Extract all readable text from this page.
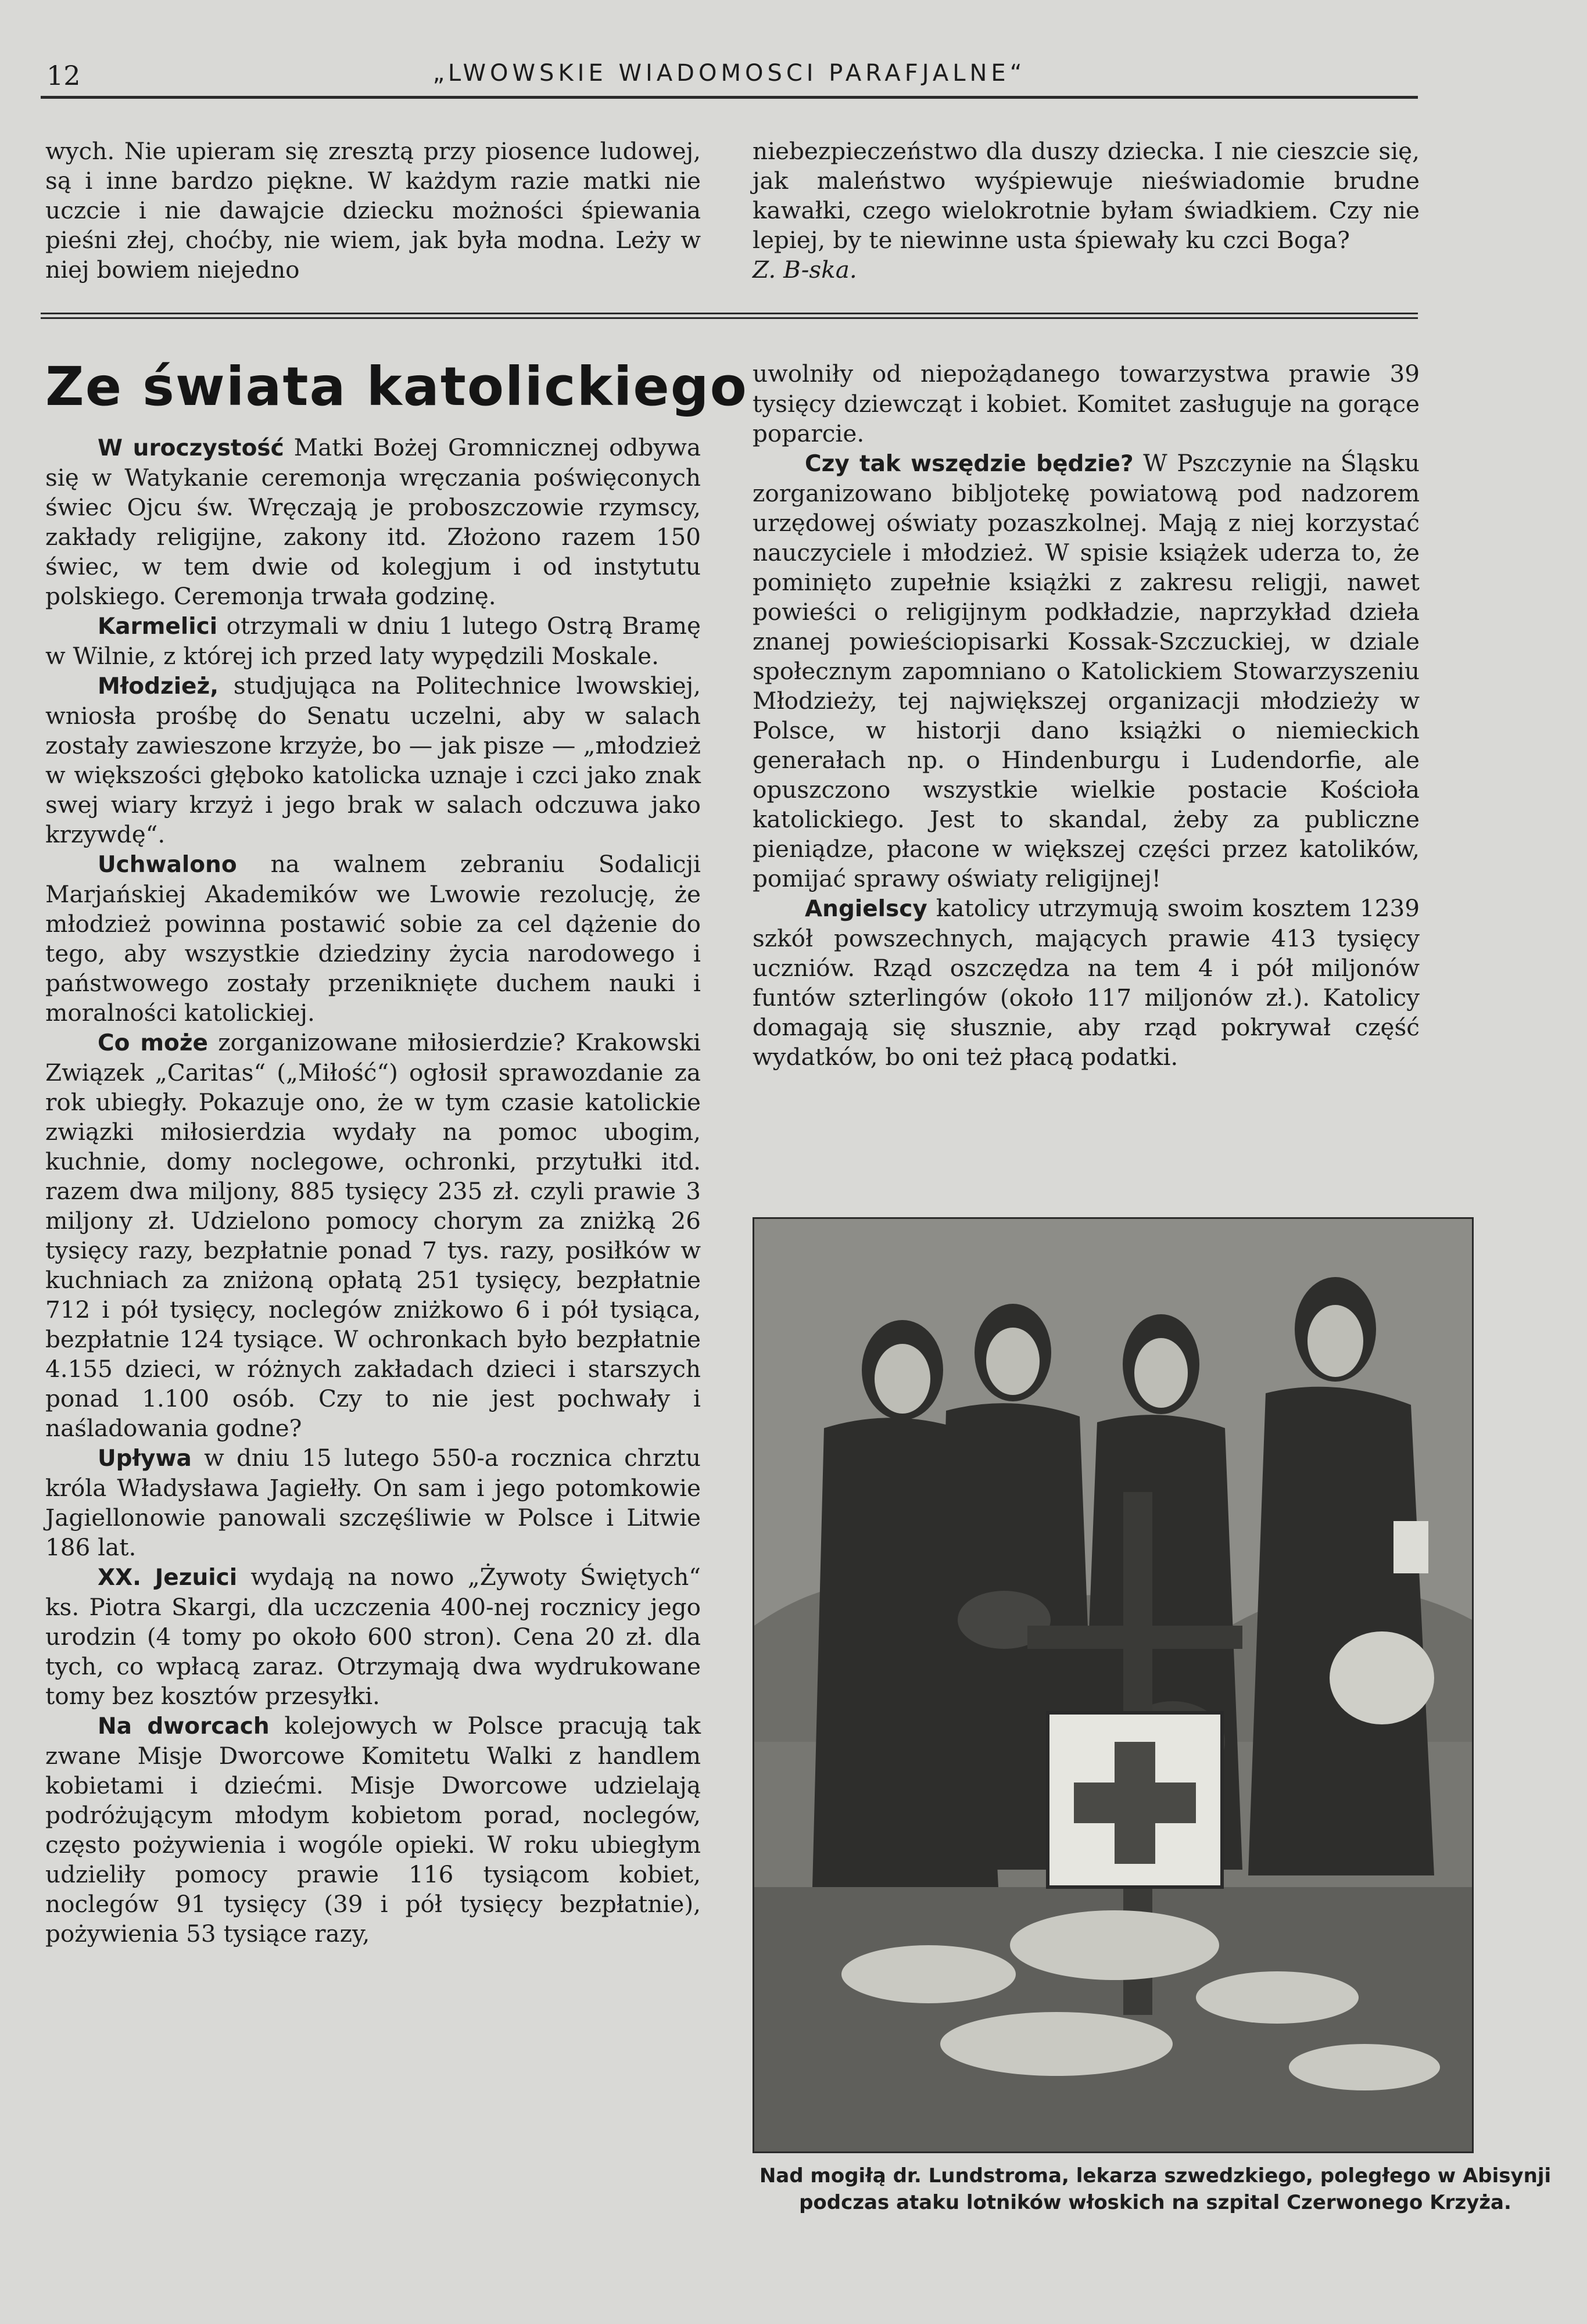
12	„LWOWSKIE WIADOMOSCI PARAFJALNE“

wych. Nie upieram się zresztą przy piosence ludowej, są i inne bardzo piękne. W każdym razie matki nie uczcie i nie dawajcie dziecku możności śpiewania pieśni złej, choćby, nie wiem, jak była modna. Leży w niej bowiem niejedno

niebezpieczeństwo dla duszy dziecka. I nie cieszcie się, jak maleństwo wyśpiewuje nieświadomie brudne kawałki, czego wielokrotnie byłam świadkiem. Czy nie lepiej, by te niewinne usta śpiewały ku czci Boga?Z. B-ska.

Ze świata katolickiego

W uroczystość Matki Bożej Gromnicznej odbywa się w Watykanie ceremonja wręczania poświęconych świec Ojcu św. Wręczają je proboszczowie rzymscy, zakłady religijne, zakony itd. Złożono razem 150 świec, w tem dwie od kolegjum i od instytutu polskiego. Ceremonja trwała godzinę.

Karmelici otrzymali w dniu 1 lutego Ostrą Bramę w Wilnie, z której ich przed laty wypędzili Moskale.

Młodzież, studjująca na Politechnice lwowskiej, wniosła prośbę do Senatu uczelni, aby w salach zostały zawieszone krzyże, bo — jak pisze — „młodzież w większości głęboko katolicka uznaje i czci jako znak swej wiary krzyż i jego brak w salach odczuwa jako krzywdę“.

Uchwalono na walnem zebraniu Sodalicji Marjańskiej Akademików we Lwowie rezolucję, że młodzież powinna postawić sobie za cel dążenie do tego, aby wszystkie dziedziny życia narodowego i państwowego zostały przeniknięte duchem nauki i moralności katolickiej.

Co może zorganizowane miłosierdzie? Krakowski Związek „Caritas“ („Miłość“) ogłosił sprawozdanie za rok ubiegły. Pokazuje ono, że w tym czasie katolickie związki miłosierdzia wydały na pomoc ubogim, kuchnie, domy noclegowe, ochronki, przytułki itd. razem dwa miljony, 885 tysięcy 235 zł. czyli prawie 3 miljony zł. Udzielono pomocy chorym za zniżką 26 tysięcy razy, bezpłatnie ponad 7 tys. razy, posiłków w kuchniach za zniżoną opłatą 251 tysięcy, bezpłatnie 712 i pół tysięcy, noclegów zniżkowo 6 i pół tysiąca, bezpłatnie 124 tysiące. W ochronkach było bezpłatnie 4.155 dzieci, w różnych zakładach dzieci i starszych ponad 1.100 osób. Czy to nie jest pochwały i naśladowania godne?

Upływa w dniu 15 lutego 550-a rocznica chrztu króla Władysława Jagiełły. On sam i jego potomkowie Jagiellonowie panowali szczęśliwie w Polsce i Litwie 186 lat.

XX. Jezuici wydają na nowo „Żywoty Świętych“ ks. Piotra Skargi, dla uczczenia 400-nej rocznicy jego urodzin (4 tomy po około 600 stron). Cena 20 zł. dla tych, co wpłacą zaraz. Otrzymają dwa wydrukowane tomy bez kosztów przesyłki.

Na dworcach kolejowych w Polsce pracują tak zwane Misje Dworcowe Komitetu Walki z handlem kobietami i dziećmi. Misje Dworcowe udzielają podróżującym młodym kobietom porad, noclegów, często pożywienia i wogóle opieki. W roku ubiegłym udzieliły pomocy prawie 116 tysiącom kobiet, noclegów 91 tysięcy (39 i pół tysięcy bezpłatnie), pożywienia 53 tysiące razy,

uwolniły od niepożądanego towarzystwa prawie 39 tysięcy dziewcząt i kobiet. Komitet zasługuje na gorące poparcie.

Czy tak wszędzie będzie? W Pszczynie na Śląsku zorganizowano bibljotekę powiatową pod nadzorem urzędowej oświaty pozaszkolnej. Mają z niej korzystać nauczyciele i młodzież. W spisie książek uderza to, że pominięto zupełnie książki z zakresu religji, nawet powieści o religijnym podkładzie, naprzykład dzieła znanej powieściopisarki Kossak-Szczuckiej, w dziale społecznym zapomniano o Katolickiem Stowarzyszeniu Młodzieży, tej największej organizacji młodzieży w Polsce, w historji dano książki o niemieckich generałach np. o Hindenburgu i Ludendorfie, ale opuszczono wszystkie wielkie postacie Kościoła katolickiego. Jest to skandal, żeby za publiczne pieniądze, płacone w większej części przez katolików, pomijać sprawy oświaty religijnej!

Angielscy katolicy utrzymują swoim kosztem 1239 szkół powszechnych, mających prawie 413 tysięcy uczniów. Rząd oszczędza na tem 4 i pół miljonów funtów szterlingów (około 117 miljonów zł.). Katolicy domagają się słusznie, aby rząd pokrywał część wydatków, bo oni też płacą podatki.

Nad mogiłą dr. Lundstroma, lekarza szwedzkiego, poległego w Abisynji
podczas ataku lotników włoskich na szpital Czerwonego Krzyża.
